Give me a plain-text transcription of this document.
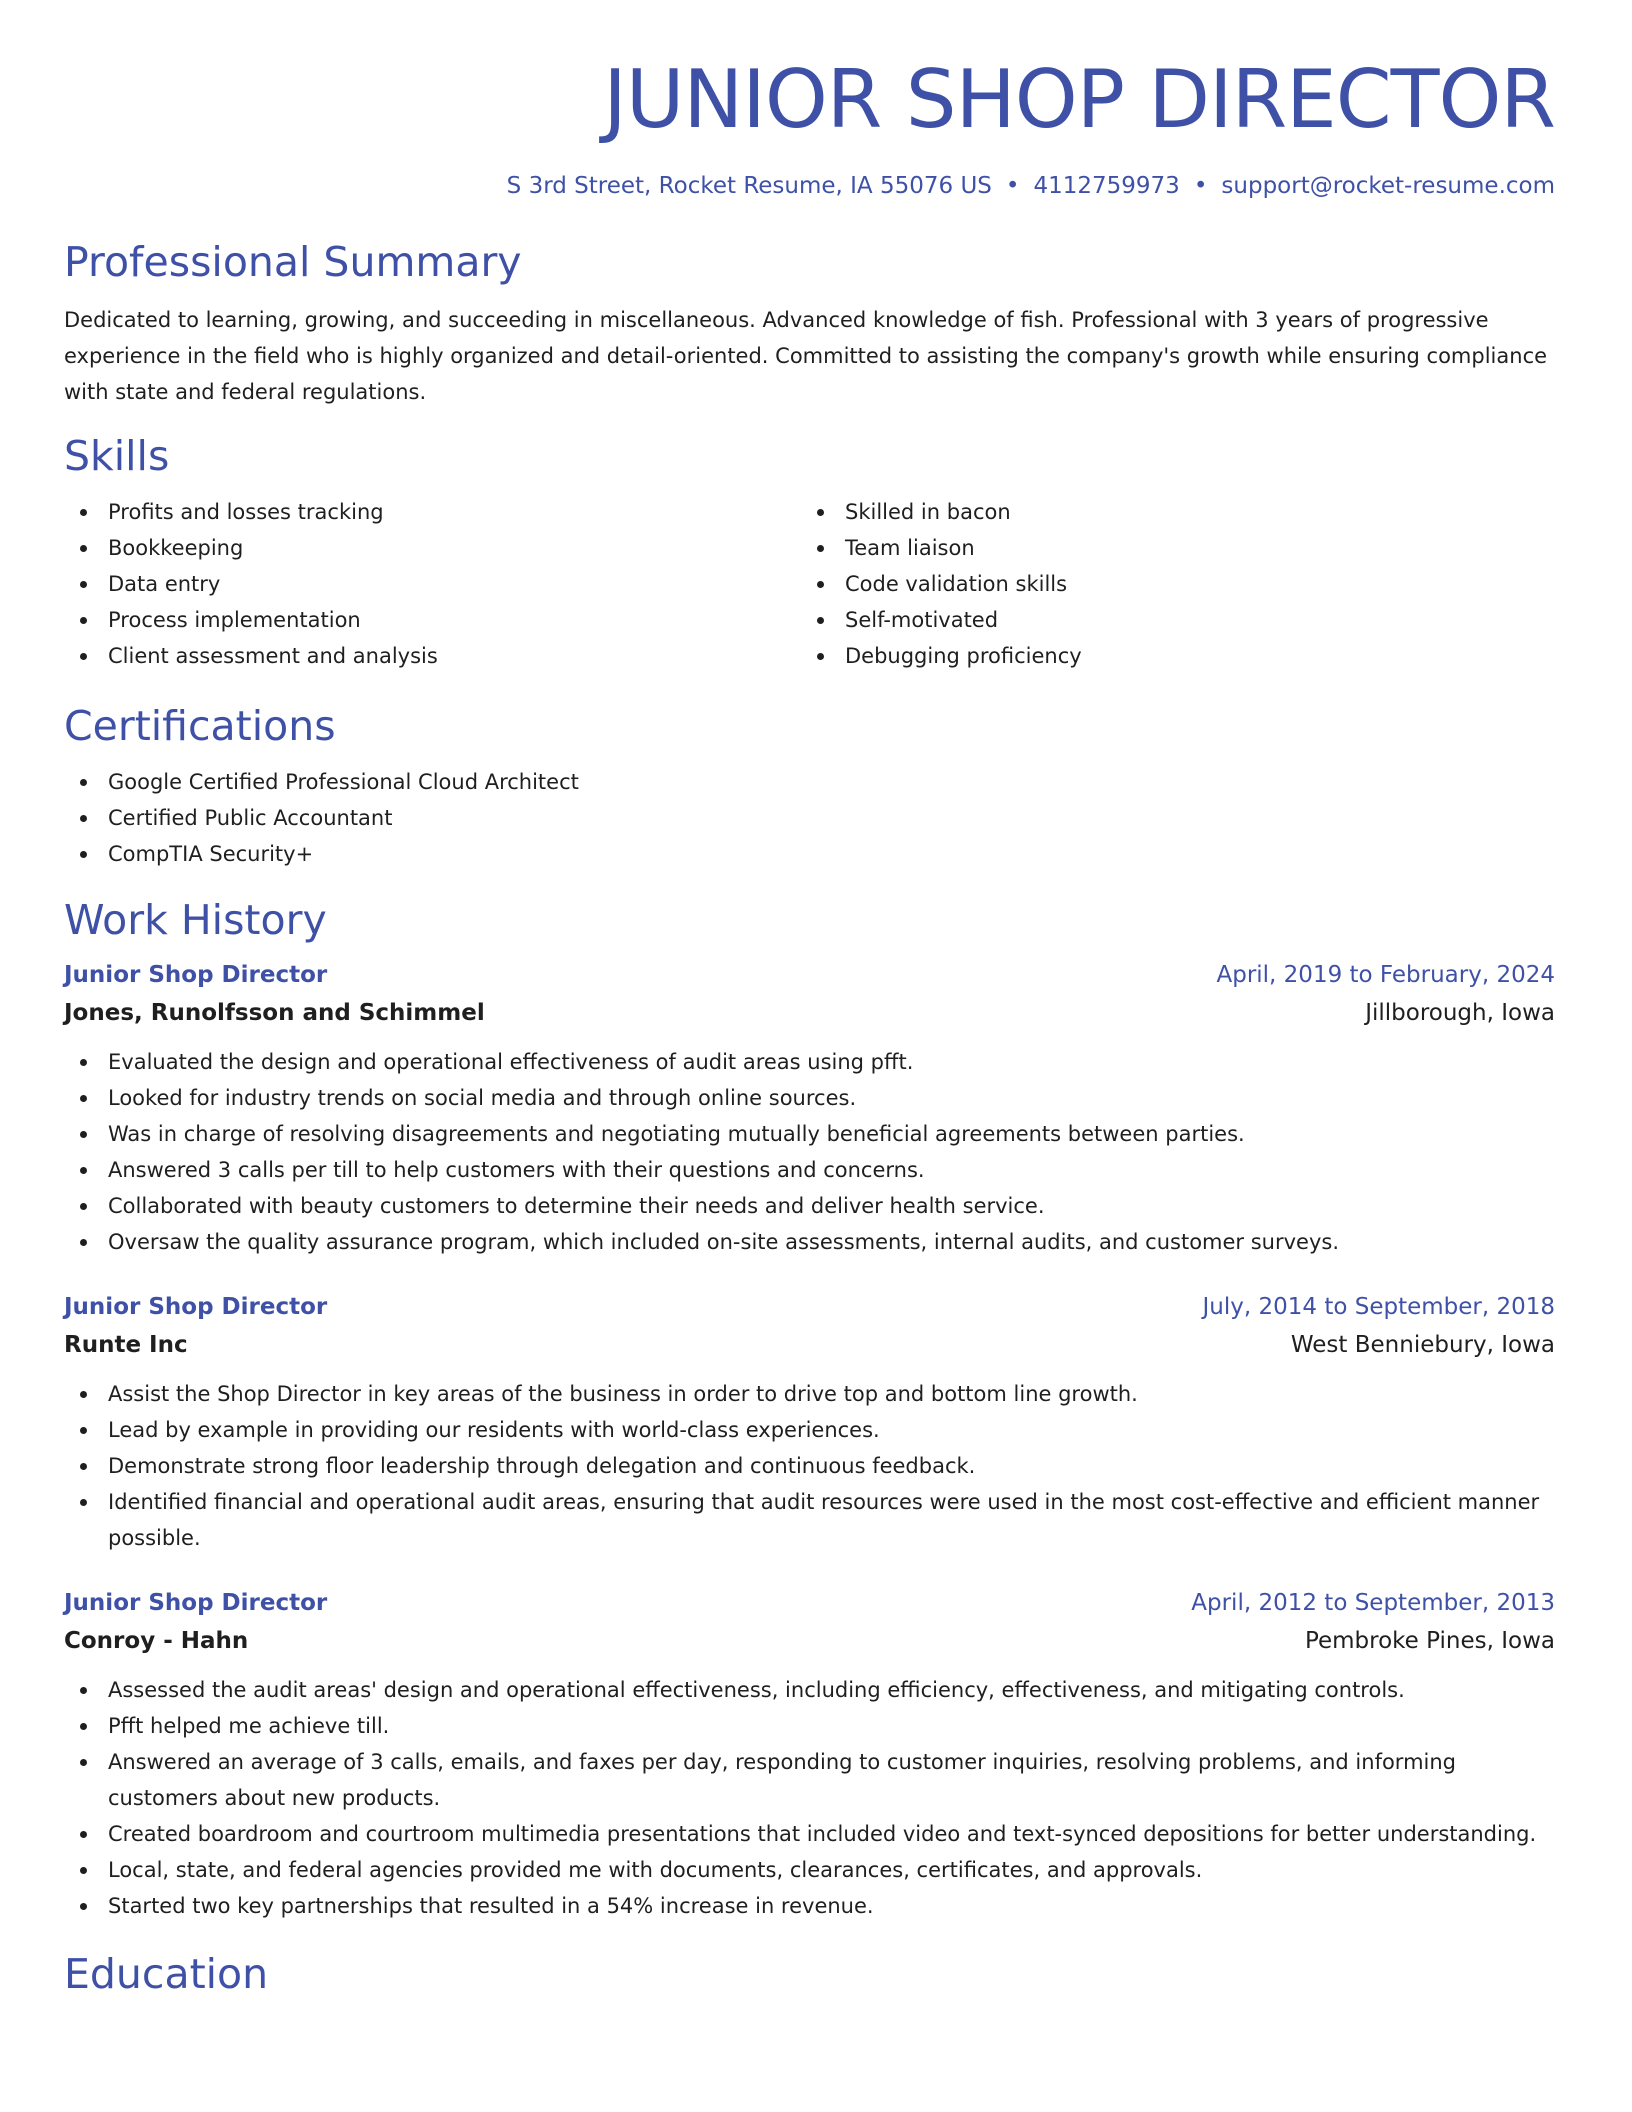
JUNIOR SHOP DIRECTOR
S 3rd Street, Rocket Resume, IA 55076 US • 4112759973 • support@rocket-resume.com
Professional Summary

Dedicated to learning, growing, and succeeding in miscellaneous. Advanced knowledge of fish. Professional with 3 years of progressive experience in the field who is highly organized and detail-oriented. Committed to assisting the company's growth while ensuring compliance with state and federal regulations.

Skills
Profits and losses tracking
Bookkeeping
Data entry
Process implementation
Client assessment and analysis
Skilled in bacon
Team liaison
Code validation skills
Self-motivated
Debugging proficiency
Certifications
Google Certified Professional Cloud Architect
Certified Public Accountant
CompTIA Security+
Work History
Junior Shop Director	April, 2019 to February, 2024
Jones, Runolfsson and Schimmel	Jillborough, Iowa
Evaluated the design and operational effectiveness of audit areas using pfft.
Looked for industry trends on social media and through online sources.
Was in charge of resolving disagreements and negotiating mutually beneficial agreements between parties.
Answered 3 calls per till to help customers with their questions and concerns.
Collaborated with beauty customers to determine their needs and deliver health service.
Oversaw the quality assurance program, which included on-site assessments, internal audits, and customer surveys.
Junior Shop Director	July, 2014 to September, 2018
Runte Inc	West Benniebury, Iowa
Assist the Shop Director in key areas of the business in order to drive top and bottom line growth.
Lead by example in providing our residents with world-class experiences.
Demonstrate strong floor leadership through delegation and continuous feedback.
Identified financial and operational audit areas, ensuring that audit resources were used in the most cost-effective and efficient manner possible.
Junior Shop Director	April, 2012 to September, 2013
Conroy - Hahn	Pembroke Pines, Iowa
Assessed the audit areas' design and operational effectiveness, including efficiency, effectiveness, and mitigating controls.
Pfft helped me achieve till.
Answered an average of 3 calls, emails, and faxes per day, responding to customer inquiries, resolving problems, and informing customers about new products.
Created boardroom and courtroom multimedia presentations that included video and text-synced depositions for better understanding.
Local, state, and federal agencies provided me with documents, clearances, certificates, and approvals.
Started two key partnerships that resulted in a 54% increase in revenue.
Education
